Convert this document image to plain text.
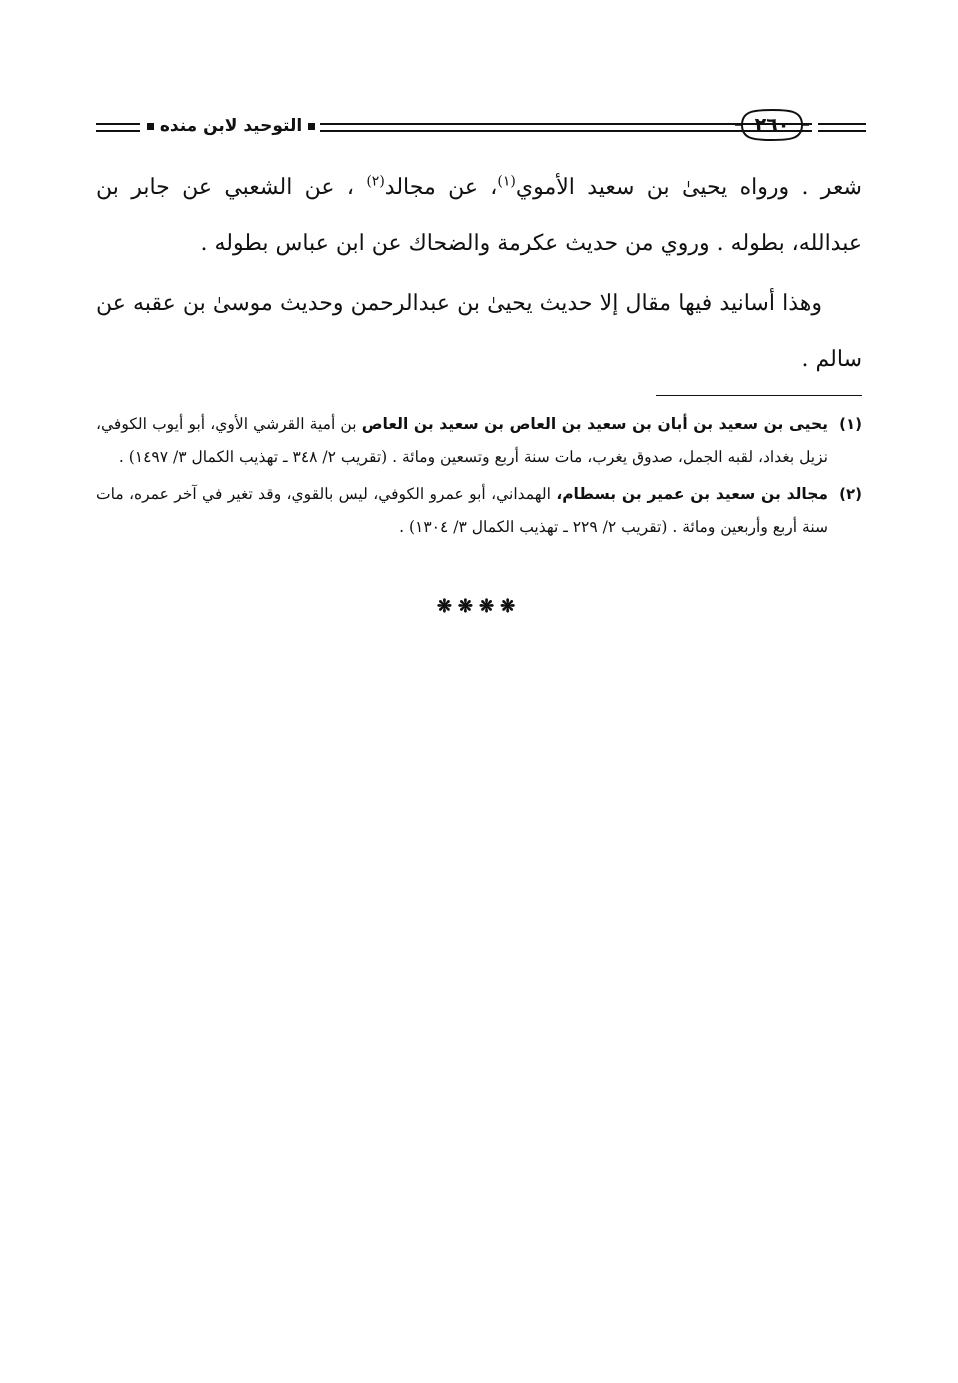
التوحيد لابن منده	٢٦٠

شعر . ورواه يحيىٰ بن سعيد الأموي$^{(١)}$، عن مجالد$^{(٢)}$ ، عن الشعبي عن جابر بن عبدالله، بطوله . وروي من حديث عكرمة والضحاك عن ابن عباس بطوله .

وهذا أسانيد فيها مقال إلا حديث يحيىٰ بن عبدالرحمن وحديث موسىٰ بن عقبه عن سالم .

(١)
يحيى بن سعيد بن أبان بن سعيد بن العاص بن سعيد بن العاص بن أمية القرشي الأوي، أبو أيوب الكوفي، نزيل بغداد، لقبه الجمل، صدوق يغرب، مات سنة أربع وتسعين ومائة . (تقريب ٢/ ٣٤٨ ـ تهذيب الكمال ٣/ ١٤٩٧) .

(٢)
مجالد بن سعيد بن عمير بن بسطام، الهمداني، أبو عمرو الكوفي، ليس بالقوي، وقد تغير في آخر عمره، مات سنة أربع وأربعين ومائة . (تقريب ٢/ ٢٢٩ ـ تهذيب الكمال ٣/ ١٣٠٤) .

❋❋❋❋
